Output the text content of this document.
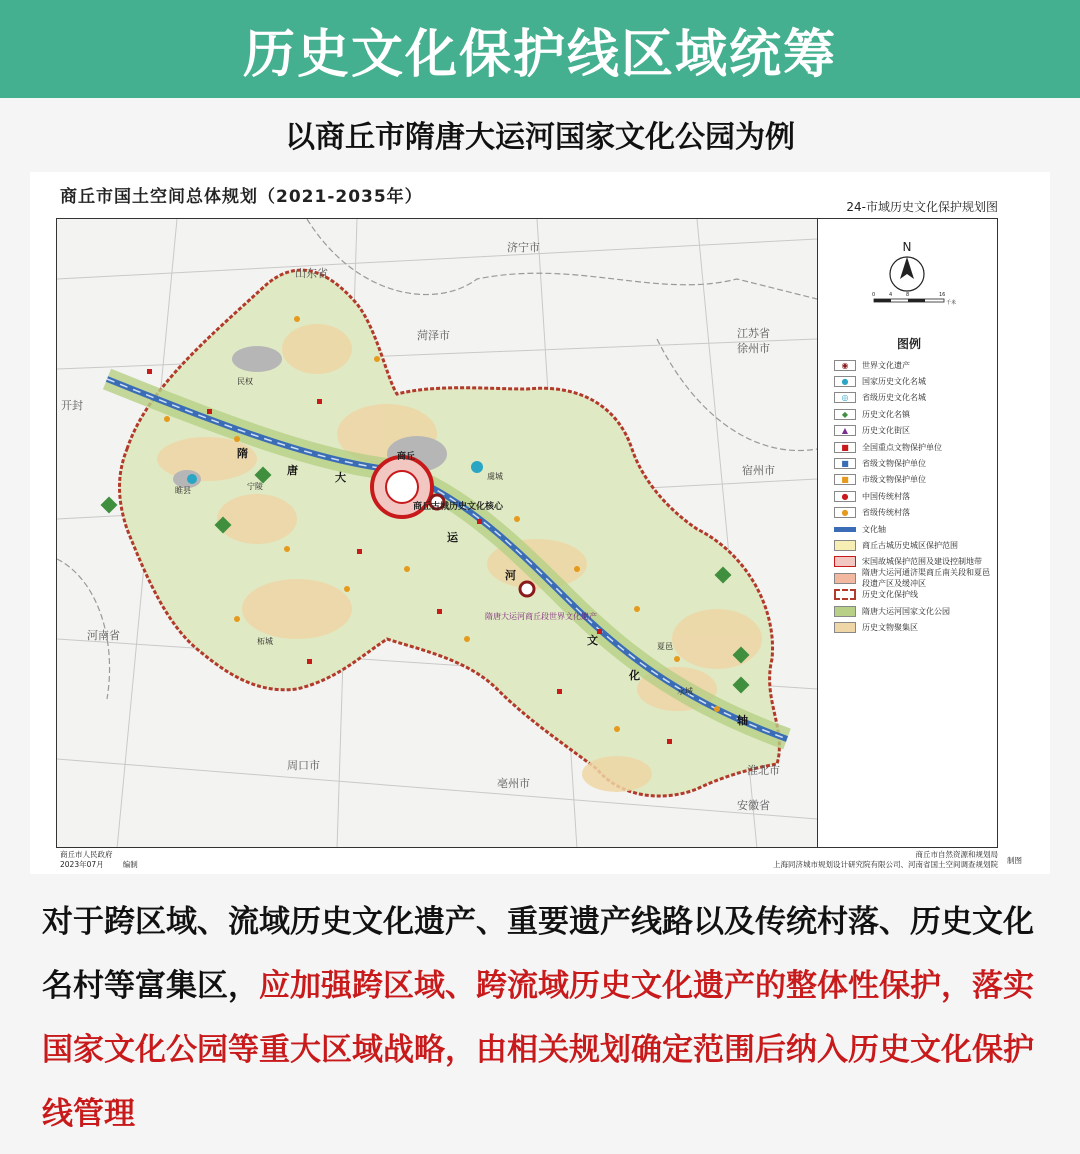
历史文化保护线区域统筹
以商丘市隋唐大运河国家文化公园为例
商丘市国土空间总体规划（2021-2035年）	24-市域历史文化保护规划图
山东省
济宁市
菏泽市	江苏省
徐州市
宿州市
河南省
周口市
亳州市
淮北市
安徽省
开封
商丘
睢县
民权
柘城
夏邑
永城
虞城
宁陵
商丘古城历史文化核心
隋唐大运河商丘段世界文化遗产
隋
唐
大
运
河
文
化
轴
N
0	4	8	16
千米
图例
◉	世界文化遗产
●	国家历史文化名城
◎	省级历史文化名城
◆	历史文化名镇
▲	历史文化街区
■	全国重点文物保护单位
■	省级文物保护单位
■	市级文物保护单位
●	中国传统村落
●	省级传统村落
文化轴
商丘古城历史城区保护范围
宋国故城保护范围及建设控制地带
隋唐大运河通济渠商丘南关段和夏邑段遗产区及缓冲区
历史文化保护线
隋唐大运河国家文化公园
历史文物聚集区
商丘市人民政府
2023年07月	编制
商丘市自然资源和规划局
上海同济城市规划设计研究院有限公司、河南省国土空间调查规划院 制图
对于跨区域、流域历史文化遗产、重要遗产线路以及传统村落、历史文化名村等富集区，应加强跨区域、跨流域历史文化遗产的整体性保护，落实国家文化公园等重大区域战略，由相关规划确定范围后纳入历史文化保护线管理
